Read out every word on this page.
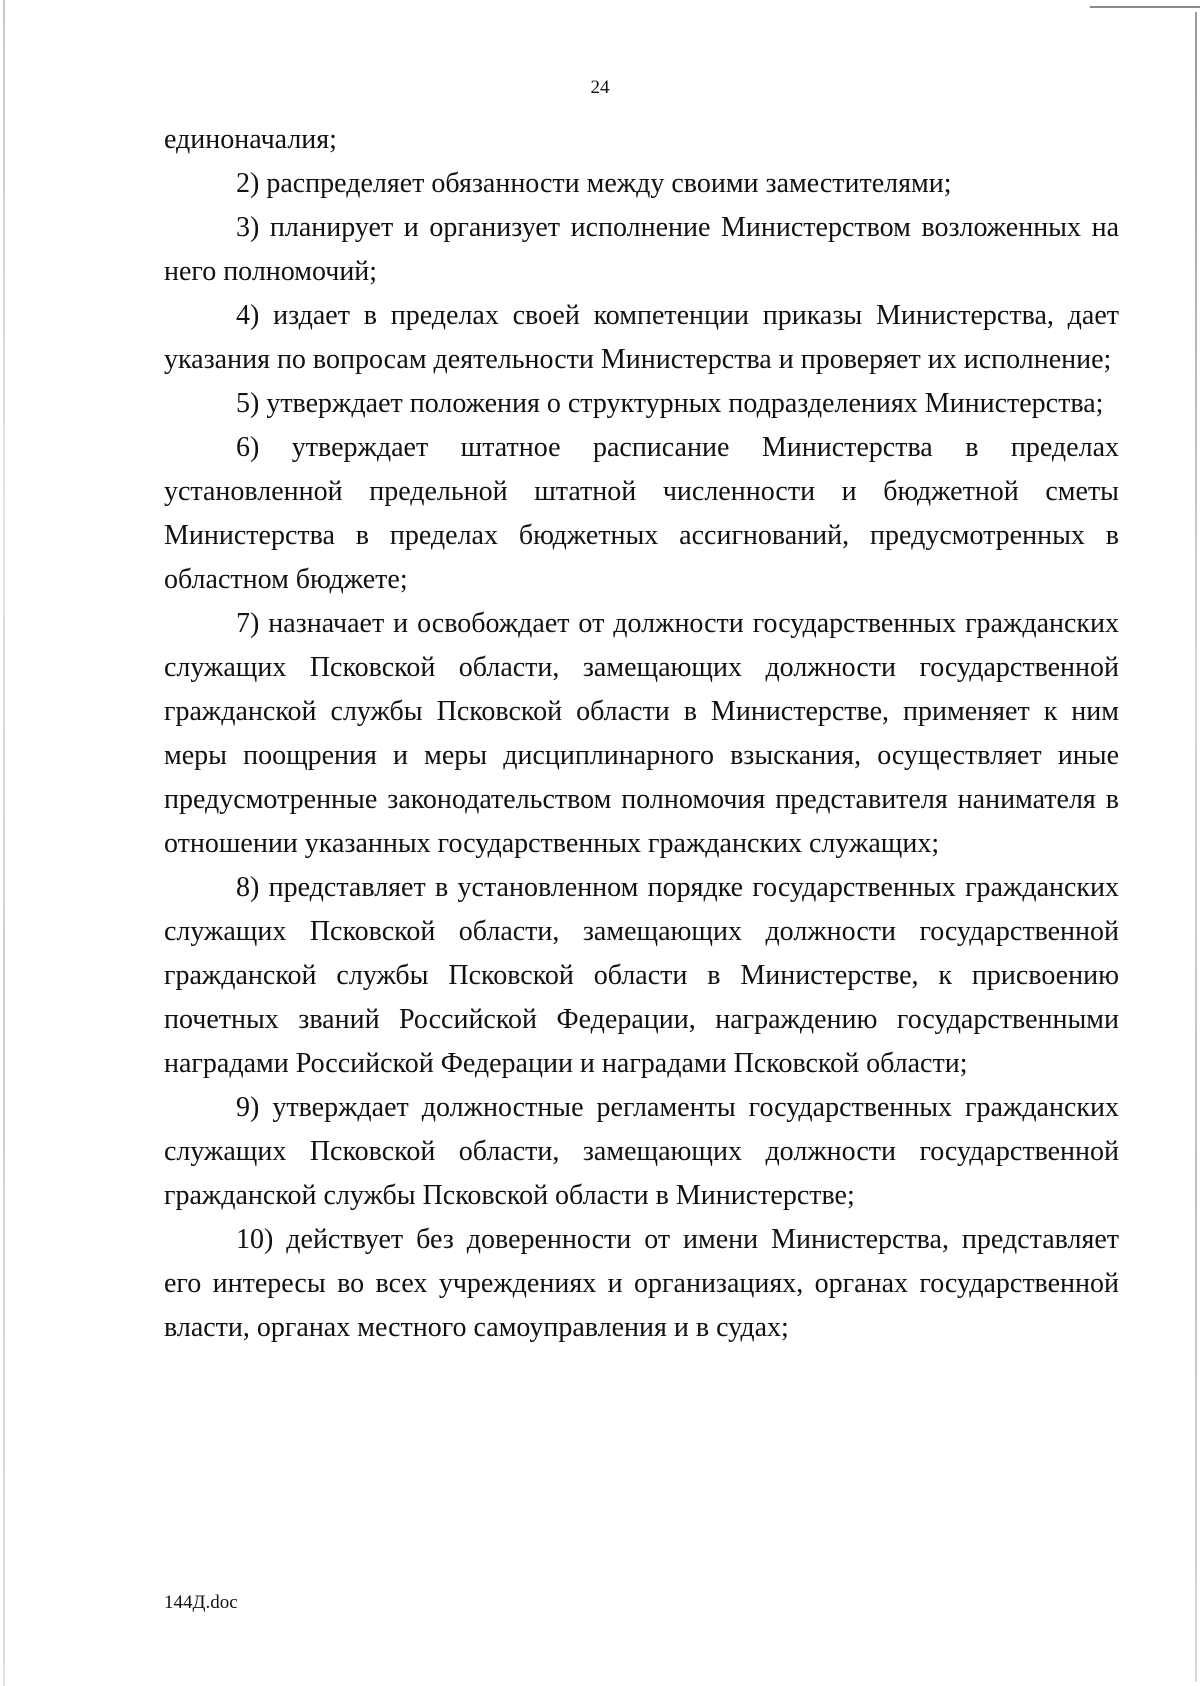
24

единоначалия;

2) распределяет обязанности между своими заместителями;

3) планирует и организует исполнение Министерством возложенных на него полномочий;

4) издает в пределах своей компетенции приказы Министерства, дает указания по вопросам деятельности Министерства и проверяет их исполнение;

5) утверждает положения о структурных подразделениях Министерства;

6) утверждает штатное расписание Министерства в пределах установленной предельной штатной численности и бюджетной сметы Министерства в пределах бюджетных ассигнований, предусмотренных в областном бюджете;

7) назначает и освобождает от должности государственных гражданских служащих Псковской области, замещающих должности государственной гражданской службы Псковской области в Министерстве, применяет к ним меры поощрения и меры дисциплинарного взыскания, осуществляет иные предусмотренные законодательством полномочия представителя нанимателя в отношении указанных государственных гражданских служащих;

8) представляет в установленном порядке государственных гражданских служащих Псковской области, замещающих должности государственной гражданской службы Псковской области в Министерстве, к присвоению почетных званий Российской Федерации, награждению государственными наградами Российской Федерации и наградами Псковской области;

9) утверждает должностные регламенты государственных гражданских служащих Псковской области, замещающих должности государственной гражданской службы Псковской области в Министерстве;

10) действует без доверенности от имени Министерства, представляет его интересы во всех учреждениях и организациях, органах государственной власти, органах местного самоуправления и в судах;

144Д.doc
